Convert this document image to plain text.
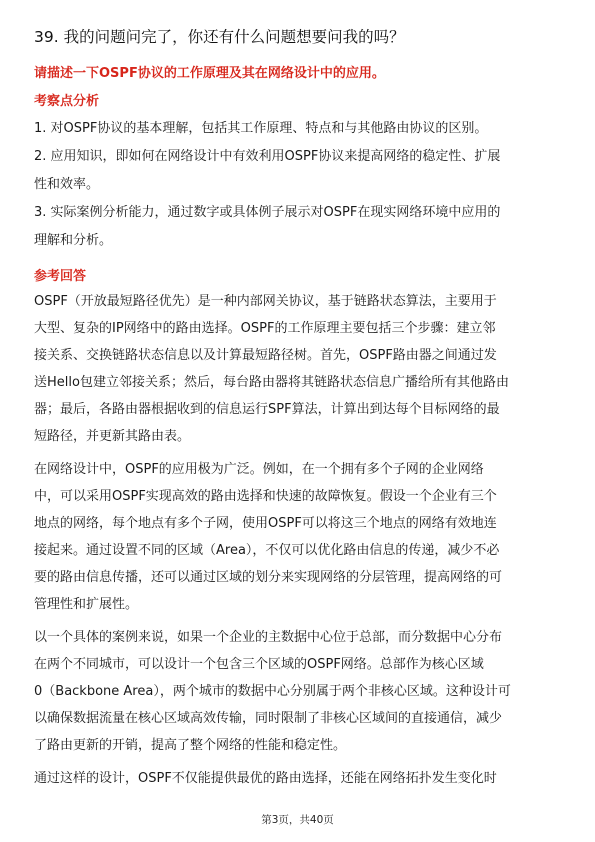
39. 我的问题问完了，你还有什么问题想要问我的吗？
请描述一下OSPF协议的工作原理及其在网络设计中的应用。
考察点分析
1. 对OSPF协议的基本理解，包括其工作原理、特点和与其他路由协议的区别。
2. 应用知识，即如何在网络设计中有效利用OSPF协议来提高网络的稳定性、扩展
性和效率。
3. 实际案例分析能力，通过数字或具体例子展示对OSPF在现实网络环境中应用的
理解和分析。
参考回答
OSPF（开放最短路径优先）是一种内部网关协议，基于链路状态算法，主要用于
大型、复杂的IP网络中的路由选择。OSPF的工作原理主要包括三个步骤：建立邻
接关系、交换链路状态信息以及计算最短路径树。首先，OSPF路由器之间通过发
送Hello包建立邻接关系；然后，每台路由器将其链路状态信息广播给所有其他路由
器；最后，各路由器根据收到的信息运行SPF算法，计算出到达每个目标网络的最
短路径，并更新其路由表。
在网络设计中，OSPF的应用极为广泛。例如，在一个拥有多个子网的企业网络
中，可以采用OSPF实现高效的路由选择和快速的故障恢复。假设一个企业有三个
地点的网络，每个地点有多个子网，使用OSPF可以将这三个地点的网络有效地连
接起来。通过设置不同的区域（Area），不仅可以优化路由信息的传递，减少不必
要的路由信息传播，还可以通过区域的划分来实现网络的分层管理，提高网络的可
管理性和扩展性。
以一个具体的案例来说，如果一个企业的主数据中心位于总部，而分数据中心分布
在两个不同城市，可以设计一个包含三个区域的OSPF网络。总部作为核心区域
0（Backbone Area），两个城市的数据中心分别属于两个非核心区域。这种设计可
以确保数据流量在核心区域高效传输，同时限制了非核心区域间的直接通信，减少
了路由更新的开销，提高了整个网络的性能和稳定性。
通过这样的设计，OSPF不仅能提供最优的路由选择，还能在网络拓扑发生变化时
第3页，共40页
